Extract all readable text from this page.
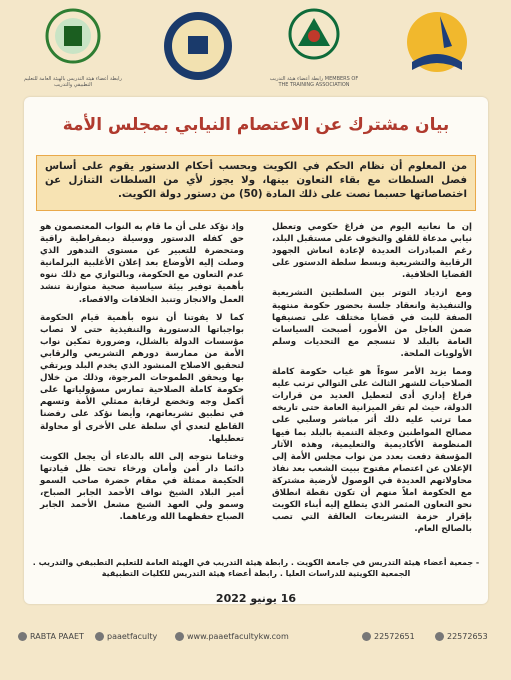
رابطة أعضاء هيئة التدريس بالهيئة العامة للتعليم التطبيقي والتدريب
رابطة أعضاء هيئة التدريب MEMBERS OF THE TRAINING ASSOCIATION
بيان مشترك عن الاعتصام النيابي بمجلس الأمة
من المعلوم أن نظام الحكم في الكويت وبحسب أحكام الدستور يقوم على أساس فصل السلطات مع بقاء التعاون بينها، ولا يجوز لأي من السلطات التنازل عن اختصاصاتها حسبما نصت على ذلك المادة (50) من دستور دولة الكويت.

إن ما نعانيه اليوم من فراغ حكومي وتعطل نيابي مدعاة للقلق والتخوف على مستقبل البلد، رغم المبادرات العديدة لإعادة انعاش الجهود الرقابية والتشريعية وبسط سلطة الدستور على القضايا الخلافية.

ومع ازدياد التوتر بين السلطتين التشريعية والتنفيذية وانعقاد جلسة بحضور حكومة منتهية الصفة للبت في قضايا مختلف على تصنيفها ضمن العاجل من الأمور، أصبحت السياسات العامة بالبلد لا تنسجم مع التحديات وسلم الأولويات الملحة.

ومما يزيد الأمر سوءاً هو غياب حكومة كاملة الصلاحيات للشهر الثالث على التوالي ترتب عليه فراغ إداري أدى لتعطيل العديد من قرارات الدولة، حيث لم تقر الميزانية العامة حتى تاريخه مما ترتب عليه ذلك أثر مباشر وسلبي على مصالح المواطنين وعجلة التنمية بالبلد بما فيها المنظومة الأكاديمية والتعليمية، وهذه الآثار المؤسفة دفعت بعدد من نواب مجلس الأمة إلى الإعلان عن اعتصام مفتوح ببيت الشعب بعد نفاذ محاولاتهم العديدة في الوصول لأرضية مشتركة مع الحكومة املاً منهم أن تكون نقطة انطلاق نحو التعاون المثمر الذي يتطلع إليه أبناء الكويت بإقرار حزمة التشريعات العالقة التي تصب بالصالح العام.

وإذ نؤكد على أن ما قام به النواب المعتصمون هو حق كفله الدستور ووسيلة ديمقراطية راقية ومتحضرة للتعبير عن مستوى التدهور الذي وصلت إليه الأوضاع بعد إعلان الأغلبية البرلمانية عدم التعاون مع الحكومة، وبالتوازي مع ذلك ننوه بأهمية توفير بيئة سياسية صحية متوازنة تنشد العمل والانجاز وتنبذ الخلافات والاقصاء.

كما لا يفوتنا أن ننوه بأهمية قيام الحكومة بواجباتها الدستورية والتنفيذية حتى لا تصاب مؤسسات الدولة بالشلل، وضرورة تمكين نواب الأمة من ممارسة دورهم التشريعي والرقابي لتحقيق الاصلاح المنشود الذي يخدم البلد ويرتقي بها ويحقق الطموحات المرجوة، وذلك من خلال حكومة كاملة الصلاحية تمارس مسؤولياتها على أكمل وجه وتخضع لرقابة ممثلي الأمة وتسهم في تطبيق تشريعاتهم، وأيضا نؤكد على رفضنا القاطع لتعدي أي سلطة على الأخرى أو محاولة تعطيلها.

وختاما نتوجه إلى الله بالدعاء أن يجعل الكويت دائما دار أمن وأمان ورخاء تحت ظل قيادتها الحكيمة ممثلة في مقام حضرة صاحب السمو أمير البلاد الشيخ نواف الأحمد الجابر الصباح، وسمو ولي العهد الشيخ مشعل الأحمد الجابر الصباح حفظهما الله ورعاهما.

- جمعية أعضاء هيئة التدريس في جامعة الكويت . رابطة هيئة التدريب في الهيئة العامة للتعليم التطبيقي والتدريب . الجمعية الكويتية للدراسات العليا . رابطة أعضاء هيئة التدريس للكليات التطبيقية
16 يونيو 2022
RABTA PAAET	paaetfaculty	www.paaetfacultykw.com	22572651	22572653
